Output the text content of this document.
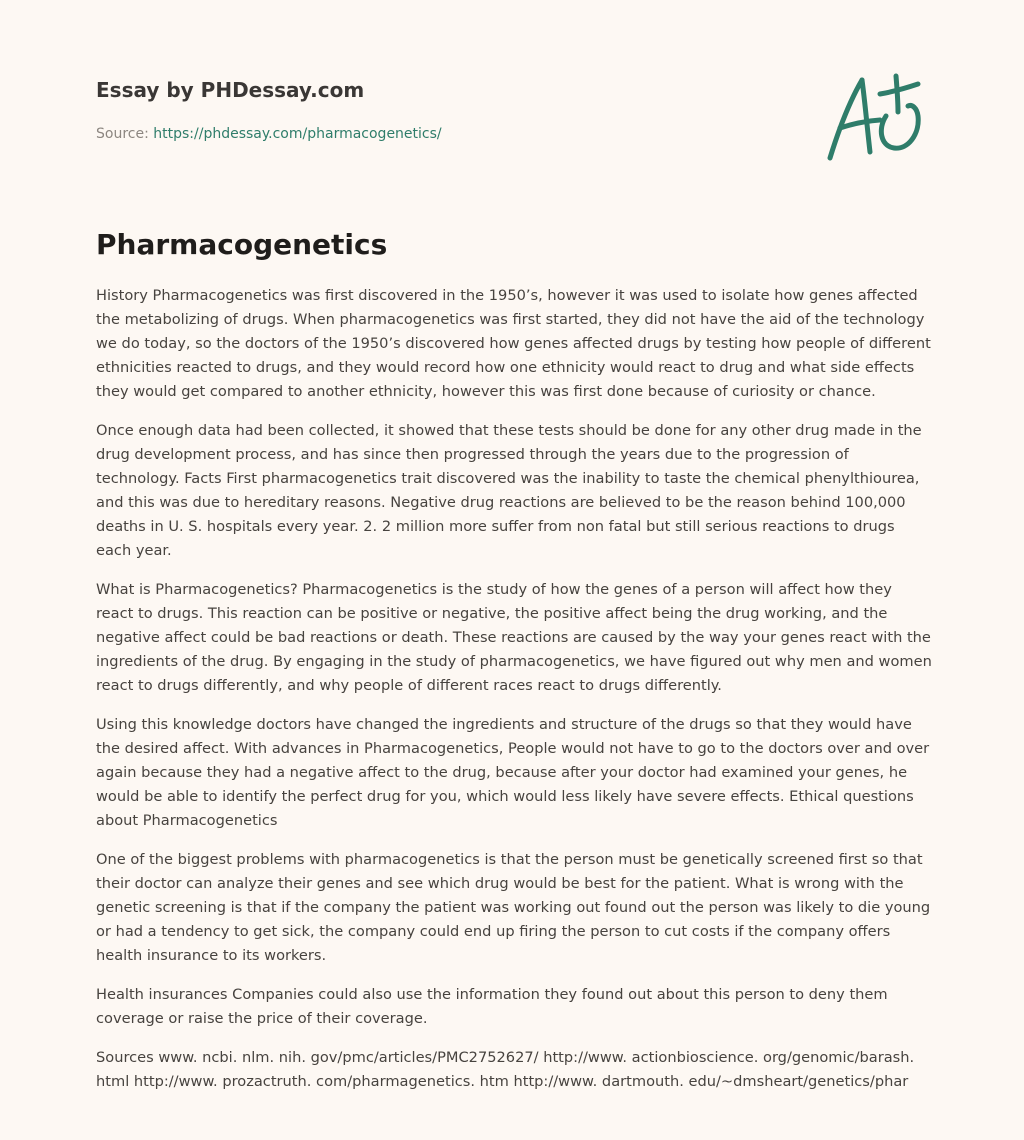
Essay by PHDessay.com
Source: https://phdessay.com/pharmacogenetics/
Pharmacogenetics

History Pharmacogenetics was first discovered in the 1950’s, however it was used to isolate how genes affected the metabolizing of drugs. When pharmacogenetics was first started, they did not have the aid of the technology we do today, so the doctors of the 1950’s discovered how genes affected drugs by testing how people of different ethnicities reacted to drugs, and they would record how one ethnicity would react to drug and what side effects they would get compared to another ethnicity, however this was first done because of curiosity or chance.

Once enough data had been collected, it showed that these tests should be done for any other drug made in the drug development process, and has since then progressed through the years due to the progression of technology. Facts First pharmacogenetics trait discovered was the inability to taste the chemical phenylthiourea, and this was due to hereditary reasons. Negative drug reactions are believed to be the reason behind 100,000 deaths in U. S. hospitals every year. 2. 2 million more suffer from non fatal but still serious reactions to drugs each year.

What is Pharmacogenetics? Pharmacogenetics is the study of how the genes of a person will affect how they react to drugs. This reaction can be positive or negative, the positive affect being the drug working, and the negative affect could be bad reactions or death. These reactions are caused by the way your genes react with the ingredients of the drug. By engaging in the study of pharmacogenetics, we have figured out why men and women react to drugs differently, and why people of different races react to drugs differently.

Using this knowledge doctors have changed the ingredients and structure of the drugs so that they would have the desired affect. With advances in Pharmacogenetics, People would not have to go to the doctors over and over again because they had a negative affect to the drug, because after your doctor had examined your genes, he would be able to identify the perfect drug for you, which would less likely have severe effects. Ethical questions about Pharmacogenetics

One of the biggest problems with pharmacogenetics is that the person must be genetically screened first so that their doctor can analyze their genes and see which drug would be best for the patient. What is wrong with the genetic screening is that if the company the patient was working out found out the person was likely to die young or had a tendency to get sick, the company could end up firing the person to cut costs if the company offers health insurance to its workers.

Health insurances Companies could also use the information they found out about this person to deny them coverage or raise the price of their coverage.

Sources www. ncbi. nlm. nih. gov/pmc/articles/PMC2752627/ http://www. actionbioscience. org/genomic/barash. html http://www. prozactruth. com/pharmagenetics. htm http://www. dartmouth. edu/~dmsheart/genetics/phar
